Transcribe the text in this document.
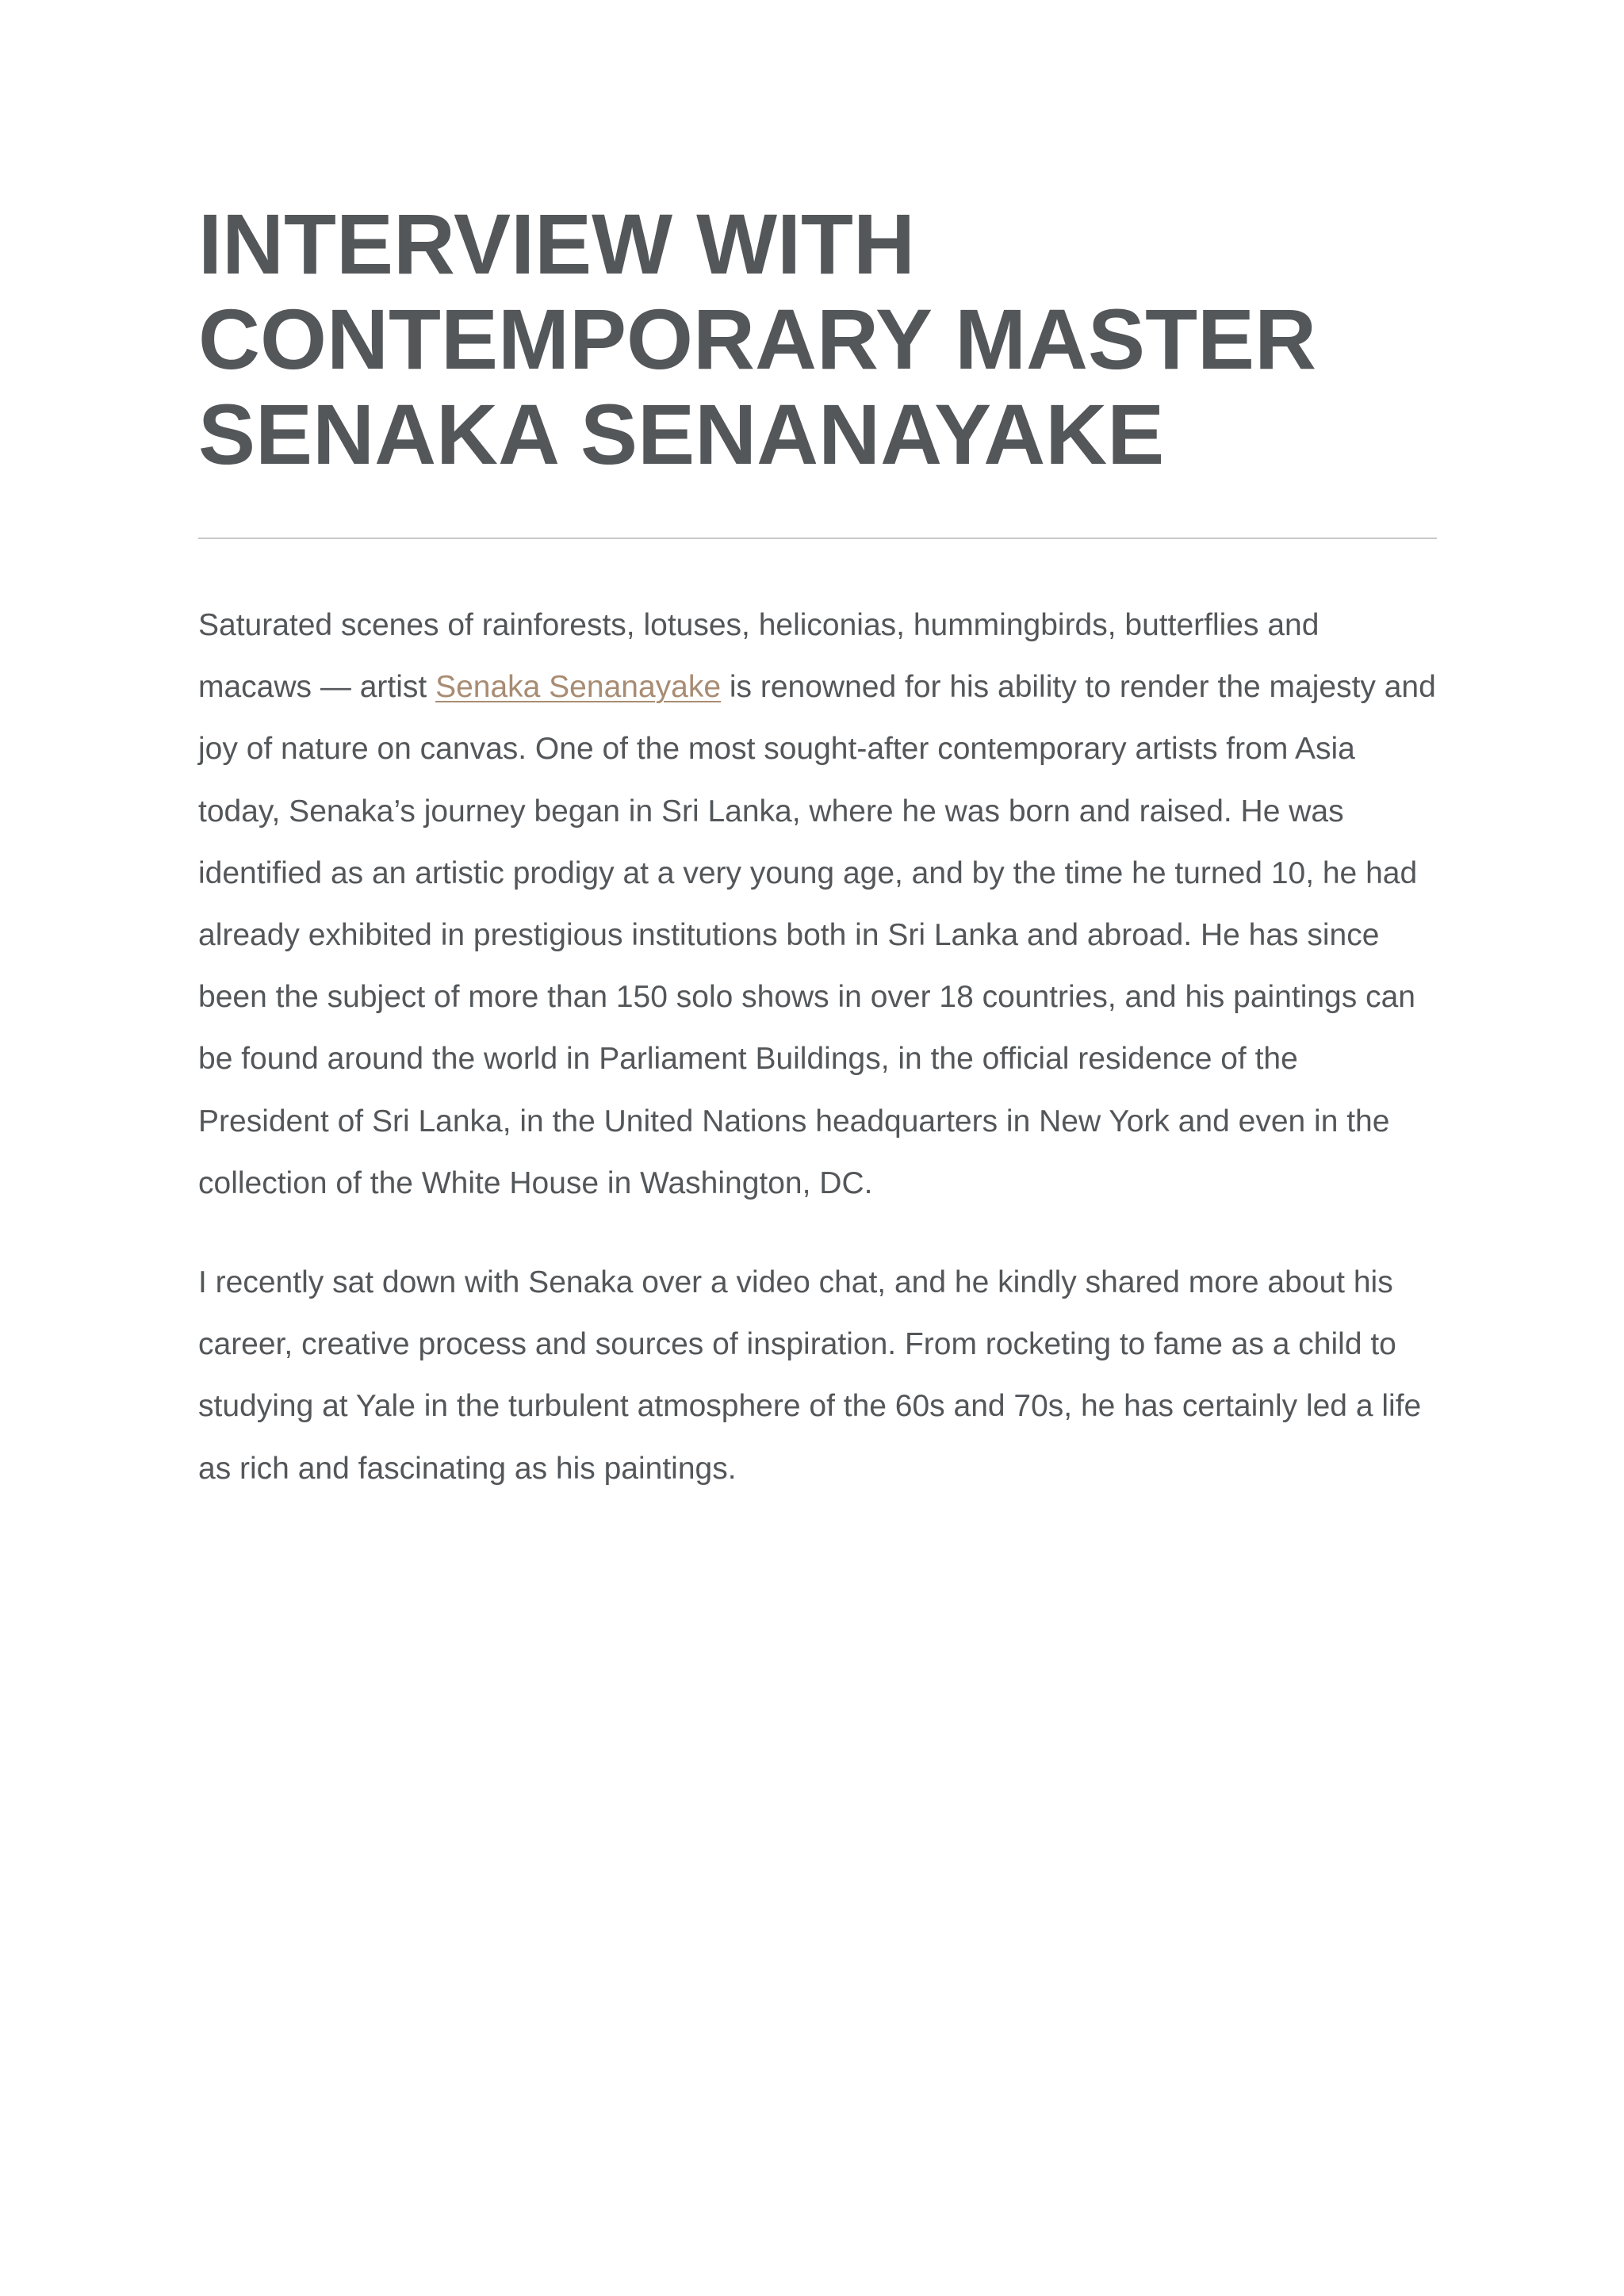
INTERVIEW WITH CONTEMPORARY MASTER SENAKA SENANAYAKE

Saturated scenes of rainforests, lotuses, heliconias, hummingbirds, butterflies and macaws — artist Senaka Senanayake is renowned for his ability to render the majesty and joy of nature on canvas. One of the most sought-after contemporary artists from Asia today, Senaka’s journey began in Sri Lanka, where he was born and raised. He was identified as an artistic prodigy at a very young age, and by the time he turned 10, he had already exhibited in prestigious institutions both in Sri Lanka and abroad. He has since been the subject of more than 150 solo shows in over 18 countries, and his paintings can be found around the world in Parliament Buildings, in the official residence of the President of Sri Lanka, in the United Nations headquarters in New York and even in the collection of the White House in Washington, DC.

I recently sat down with Senaka over a video chat, and he kindly shared more about his career, creative process and sources of inspiration. From rocketing to fame as a child to studying at Yale in the turbulent atmosphere of the 60s and 70s, he has certainly led a life as rich and fascinating as his paintings.
